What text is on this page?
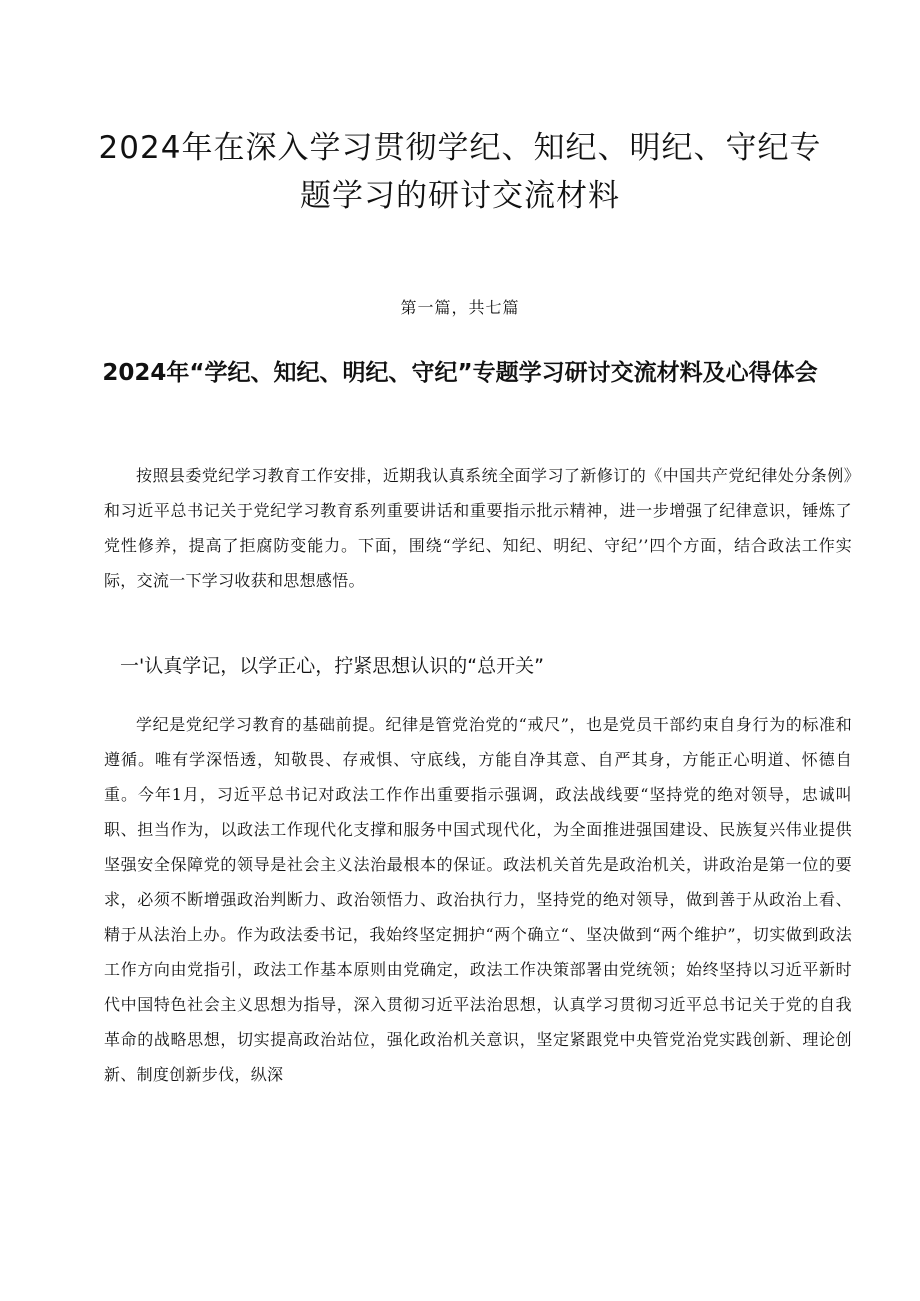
2024年在深入学习贯彻学纪、知纪、明纪、守纪专题学习的研讨交流材料
第一篇，共七篇
2024年“学纪、知纪、明纪、守纪”专题学习研讨交流材料及心得体会

按照县委党纪学习教育工作安排，近期我认真系统全面学习了新修订的《中国共产党纪律处分条例》和习近平总书记关于党纪学习教育系列重要讲话和重要指示批示精神，进一步增强了纪律意识，锤炼了党性修养，提高了拒腐防变能力。下面，围绕“学纪、知纪、明纪、守纪’’四个方面，结合政法工作实际，交流一下学习收获和思想感悟。

一'认真学记，以学正心，拧紧思想认识的“总开关”

学纪是党纪学习教育的基础前提。纪律是管党治党的“戒尺”，也是党员干部约束自身行为的标准和遵循。唯有学深悟透，知敬畏、存戒惧、守底线，方能自净其意、自严其身，方能正心明道、怀德自重。今年1月，习近平总书记对政法工作作出重要指示强调，政法战线要“坚持党的绝对领导，忠诚叫职、担当作为，以政法工作现代化支撑和服务中国式现代化，为全面推进强国建设、民族复兴伟业提供坚强安全保障党的领导是社会主义法治最根本的保证。政法机关首先是政治机关，讲政治是第一位的要求，必须不断增强政治判断力、政治领悟力、政治执行力，坚持党的绝对领导，做到善于从政治上看、精于从法治上办。作为政法委书记，我始终坚定拥护“两个确立“、坚决做到“两个维护”，切实做到政法工作方向由党指引，政法工作基本原则由党确定，政法工作决策部署由党统领；始终坚持以习近平新时代中国特色社会主义思想为指导，深入贯彻习近平法治思想，认真学习贯彻习近平总书记关于党的自我革命的战略思想，切实提高政治站位，强化政治机关意识，坚定紧跟党中央管党治党实践创新、理论创新、制度创新步伐，纵深
